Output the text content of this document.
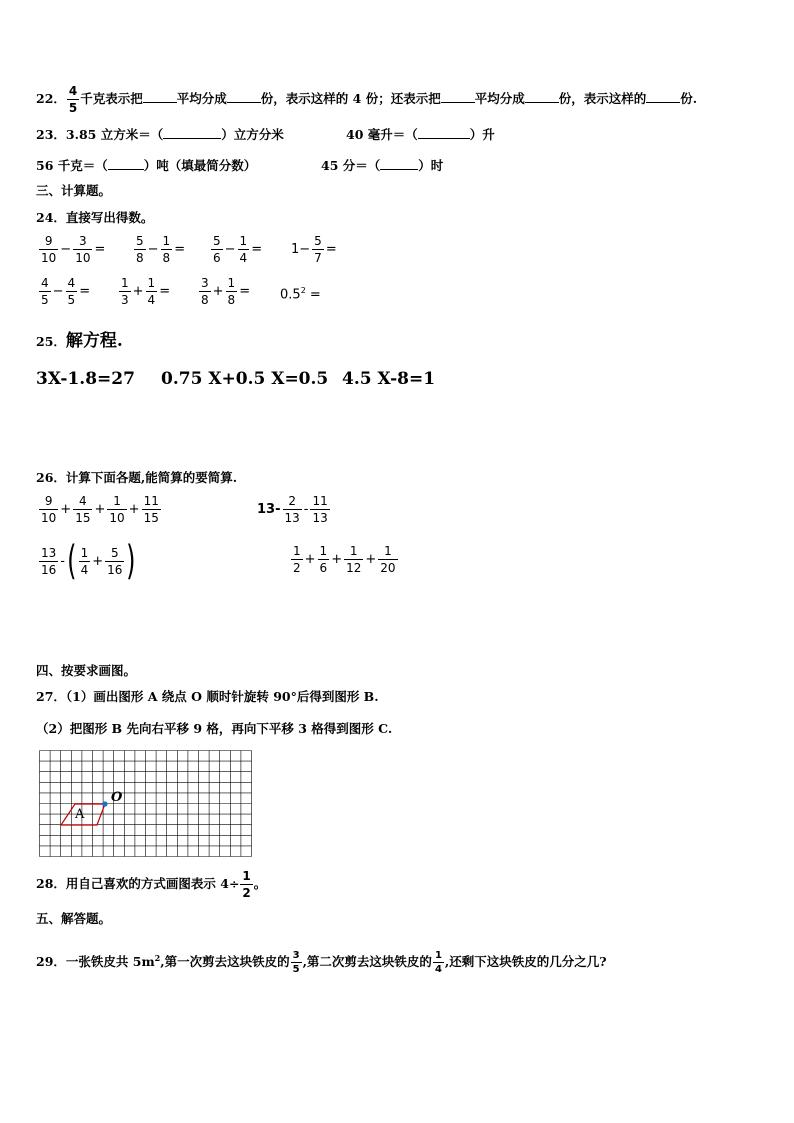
22． $\frac{4}{5}$ 千克表示把	平均分成	份，表示这样的 4 份；还表示把	平均分成	份，表示这样的	份.
23．3.85 立方米＝（	）立方分米	40 毫升＝（	）升
56 千克＝（	）吨（填最简分数）	45 分＝（	）时
三、计算题。
24．直接写出得数。
$\frac{9}{10} - \frac{3}{10} = \frac{5}{8} - \frac{1}{8} = \frac{5}{6} - \frac{1}{4} = 1- \frac{5}{7}$ =
$\frac{4}{5} - \frac{4}{5} = \frac{1}{3} + \frac{1}{4} = \frac{3}{8} + \frac{1}{8} = 0.5^2$ =
25．解方程.
3X-1.8=27 0.75 X+0.5 X=0.5 4.5 X-8=1
26．计算下面各题,能简算的要简算.
$\frac{9}{10} + \frac{4}{15} + \frac{1}{10} + \frac{11}{15}$	$13- \frac{2}{13} - \frac{11}{13}$
$\frac{13}{16}$ -( $\frac{1}{4} + \frac{5}{16}$ )	$\frac{1}{2} + \frac{1}{6} + \frac{1}{12} + \frac{1}{20}$
四、按要求画图。
27．（1）画出图形 A 绕点 O 顺时针旋转 90°后得到图形 B.
（2）把图形 B 先向右平移 9 格，再向下平移 3 格得到图形 C.
A
O
28．用自己喜欢的方式画图表示 $4\div \frac{1}{2}$ 。
五、解答题。
29．一张铁皮共 $5m^2$,第一次剪去这块铁皮的 $\frac{3}{5}$ ,第二次剪去这块铁皮的 $\frac{1}{4}$ ,还剩下这块铁皮的几分之几?
